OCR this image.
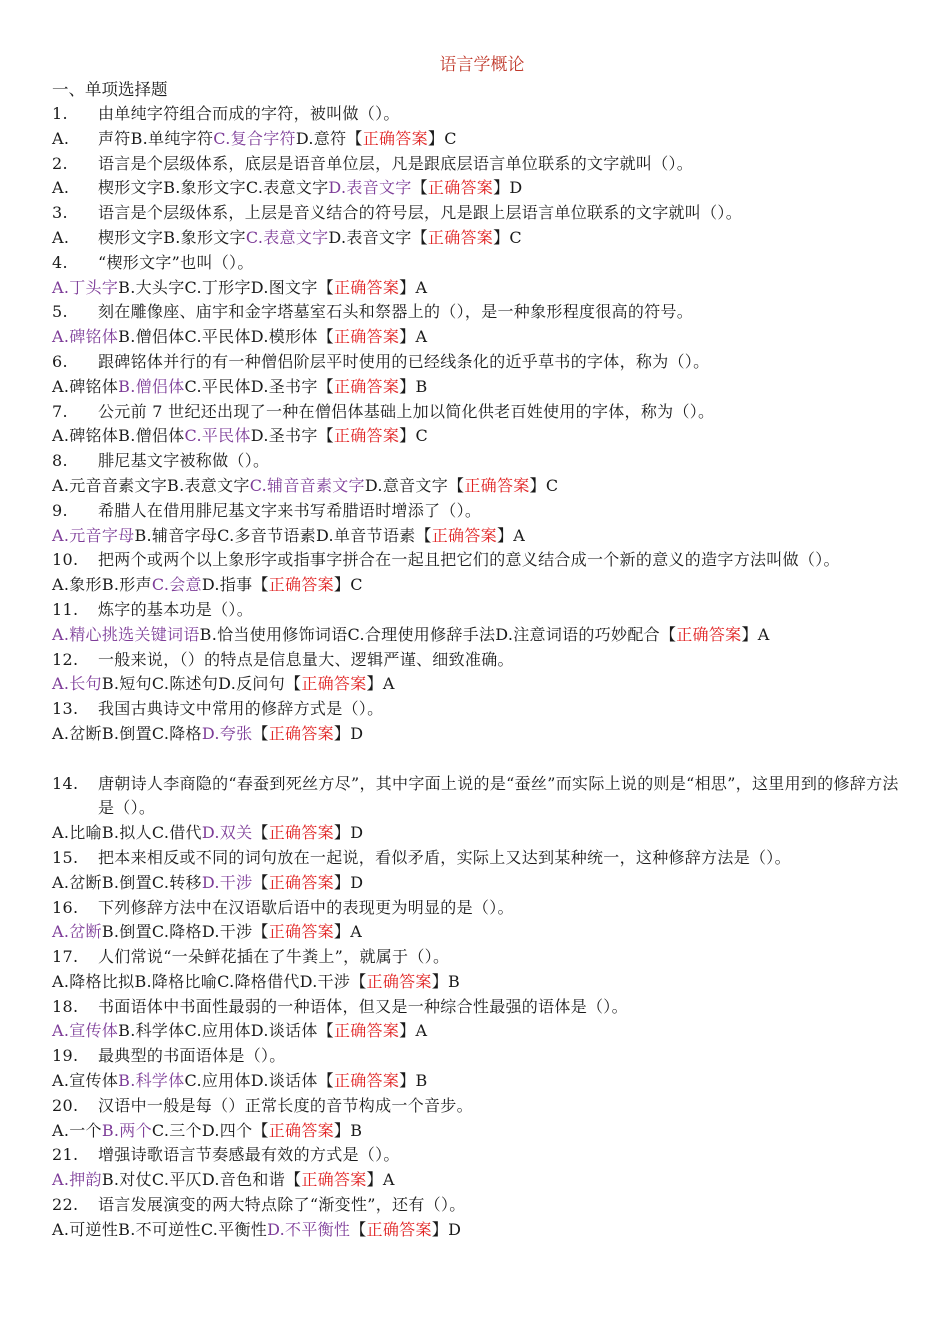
语言学概论
一、单项选择题
1.	由单纯字符组合而成的字符，被叫做（）。
A. 声符B.单纯字符C.复合字符D.意符【正确答案】C
2.	语言是个层级体系，底层是语音单位层，凡是跟底层语言单位联系的文字就叫（）。
A. 楔形文字B.象形文字C.表意文字D.表音文字【正确答案】D
3.	语言是个层级体系，上层是音义结合的符号层，凡是跟上层语言单位联系的文字就叫（）。
A. 楔形文字B.象形文字C.表意文字D.表音文字【正确答案】C
4.	“楔形文字”也叫（）。
A.丁头字B.大头字C.丁形字D.图文字【正确答案】A
5.	刻在雕像座、庙宇和金字塔墓室石头和祭器上的（），是一种象形程度很高的符号。
A.碑铭体B.僧侣体C.平民体D.模形体【正确答案】A
6.	跟碑铭体并行的有一种僧侣阶层平时使用的已经线条化的近乎草书的字体，称为（）。
A.碑铭体B.僧侣体C.平民体D.圣书字【正确答案】B
7.	公元前 7 世纪还出现了一种在僧侣体基础上加以简化供老百姓使用的字体，称为（）。
A.碑铭体B.僧侣体C.平民体D.圣书字【正确答案】C
8.	腓尼基文字被称做（）。
A.元音音素文字B.表意文字C.辅音音素文字D.意音文字【正确答案】C
9.	希腊人在借用腓尼基文字来书写希腊语时增添了（）。
A.元音字母B.辅音字母C.多音节语素D.单音节语素【正确答案】A
10.	把两个或两个以上象形字或指事字拼合在一起且把它们的意义结合成一个新的意义的造字方法叫做（）。
A.象形B.形声C.会意D.指事【正确答案】C
11.	炼字的基本功是（）。
A.精心挑选关键词语B.恰当使用修饰词语C.合理使用修辞手法D.注意词语的巧妙配合【正确答案】A
12.	一般来说，（）的特点是信息量大、逻辑严谨、细致准确。
A.长句B.短句C.陈述句D.反问句【正确答案】A
13.	我国古典诗文中常用的修辞方式是（）。
A.岔断B.倒置C.降格D.夸张【正确答案】D
14.	唐朝诗人李商隐的“春蚕到死丝方尽”，其中字面上说的是“蚕丝”而实际上说的则是“相思”，这里用到的修辞方法是（）。
A.比喻B.拟人C.借代D.双关【正确答案】D
15.	把本来相反或不同的词句放在一起说，看似矛盾，实际上又达到某种统一，这种修辞方法是（）。
A.岔断B.倒置C.转移D.干涉【正确答案】D
16.	下列修辞方法中在汉语歇后语中的表现更为明显的是（）。
A.岔断B.倒置C.降格D.干涉【正确答案】A
17.	人们常说“一朵鲜花插在了牛粪上”，就属于（）。
A.降格比拟B.降格比喻C.降格借代D.干涉【正确答案】B
18.	书面语体中书面性最弱的一种语体，但又是一种综合性最强的语体是（）。
A.宣传体B.科学体C.应用体D.谈话体【正确答案】A
19.	最典型的书面语体是（）。
A.宣传体B.科学体C.应用体D.谈话体【正确答案】B
20.	汉语中一般是每（）正常长度的音节构成一个音步。
A.一个B.两个C.三个D.四个【正确答案】B
21.	增强诗歌语言节奏感最有效的方式是（）。
A.押韵B.对仗C.平仄D.音色和谐【正确答案】A
22.	语言发展演变的两大特点除了“渐变性”，还有（）。
A.可逆性B.不可逆性C.平衡性D.不平衡性【正确答案】D
